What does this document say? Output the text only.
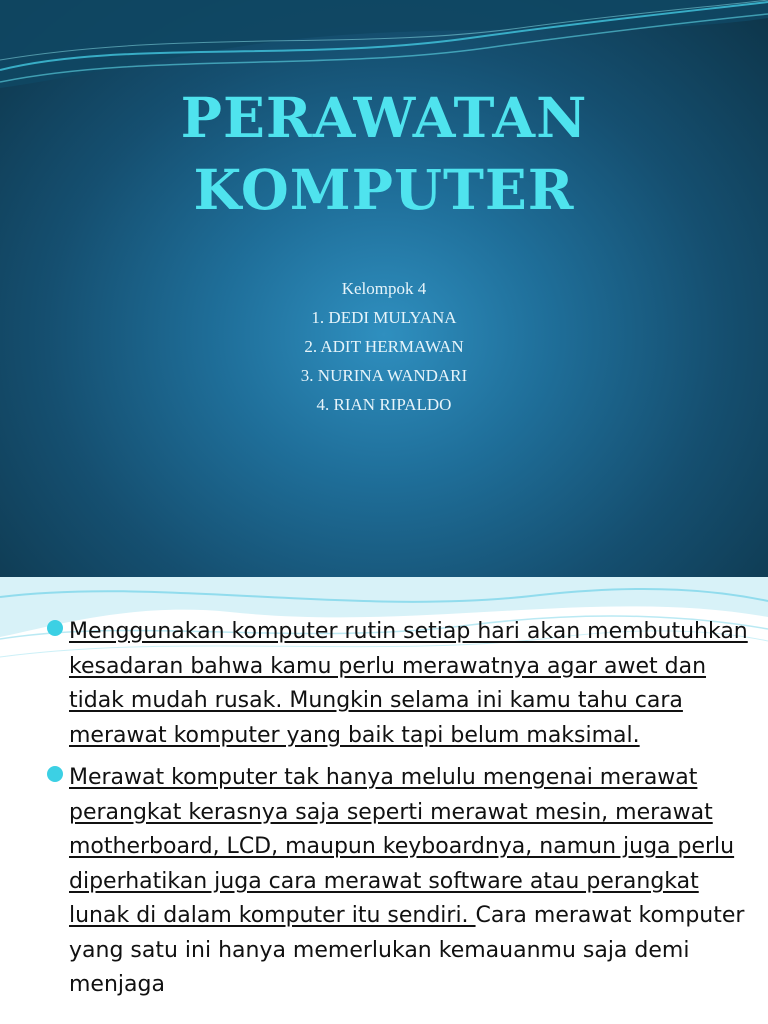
PERAWATAN
KOMPUTER
Kelompok 4
1. DEDI MULYANA
2. ADIT HERMAWAN
3. NURINA WANDARI
4. RIAN RIPALDO

Menggunakan komputer rutin setiap hari akan membutuhkan kesadaran bahwa kamu perlu merawatnya agar awet dan tidak mudah rusak. Mungkin selama ini kamu tahu cara merawat komputer yang baik tapi belum maksimal.

Merawat komputer tak hanya melulu mengenai merawat perangkat kerasnya saja seperti merawat mesin, merawat motherboard, LCD, maupun keyboardnya, namun juga perlu diperhatikan juga cara merawat software atau perangkat lunak di dalam komputer itu sendiri. Cara merawat komputer yang satu ini hanya memerlukan kemauanmu saja demi menjaga
